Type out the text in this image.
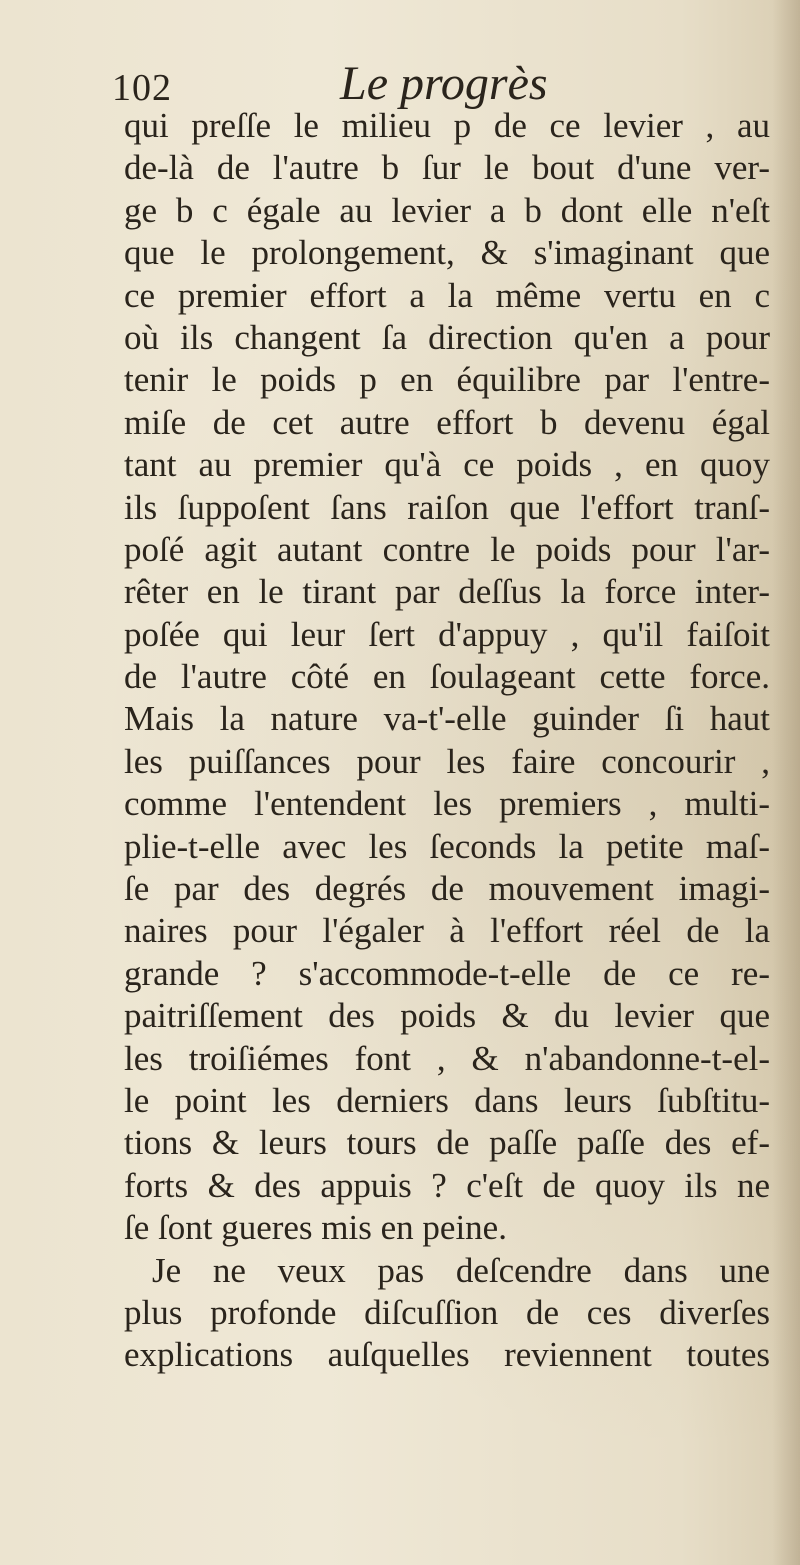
102	Le progrès
qui preſſe le milieu p de ce levier , au
de-là de l'autre b ſur le bout d'une ver-
ge b c égale au levier a b dont elle n'eſt
que le prolongement, & s'imaginant que
ce premier effort a la même vertu en c
où ils changent ſa direction qu'en a pour
tenir le poids p en équilibre par l'entre-
miſe de cet autre effort b devenu égal
tant au premier qu'à ce poids , en quoy
ils ſuppoſent ſans raiſon que l'effort tranſ-
poſé agit autant contre le poids pour l'ar-
rêter en le tirant par deſſus la force inter-
poſée qui leur ſert d'appuy , qu'il faiſoit
de l'autre côté en ſoulageant cette force.
Mais la nature va-t'-elle guinder ſi haut
les puiſſances pour les faire concourir ,
comme l'entendent les premiers , multi-
plie-t-elle avec les ſeconds la petite maſ-
ſe par des degrés de mouvement imagi-
naires pour l'égaler à l'effort réel de la
grande ? s'accommode-t-elle de ce re-
paitriſſement des poids & du levier que
les troiſiémes font , & n'abandonne-t-el-
le point les derniers dans leurs ſubſtitu-
tions & leurs tours de paſſe paſſe des ef-
forts & des appuis ? c'eſt de quoy ils ne
ſe ſont gueres mis en peine.
Je ne veux pas deſcendre dans une
plus profonde diſcuſſion de ces diverſes
explications auſquelles reviennent toutes
